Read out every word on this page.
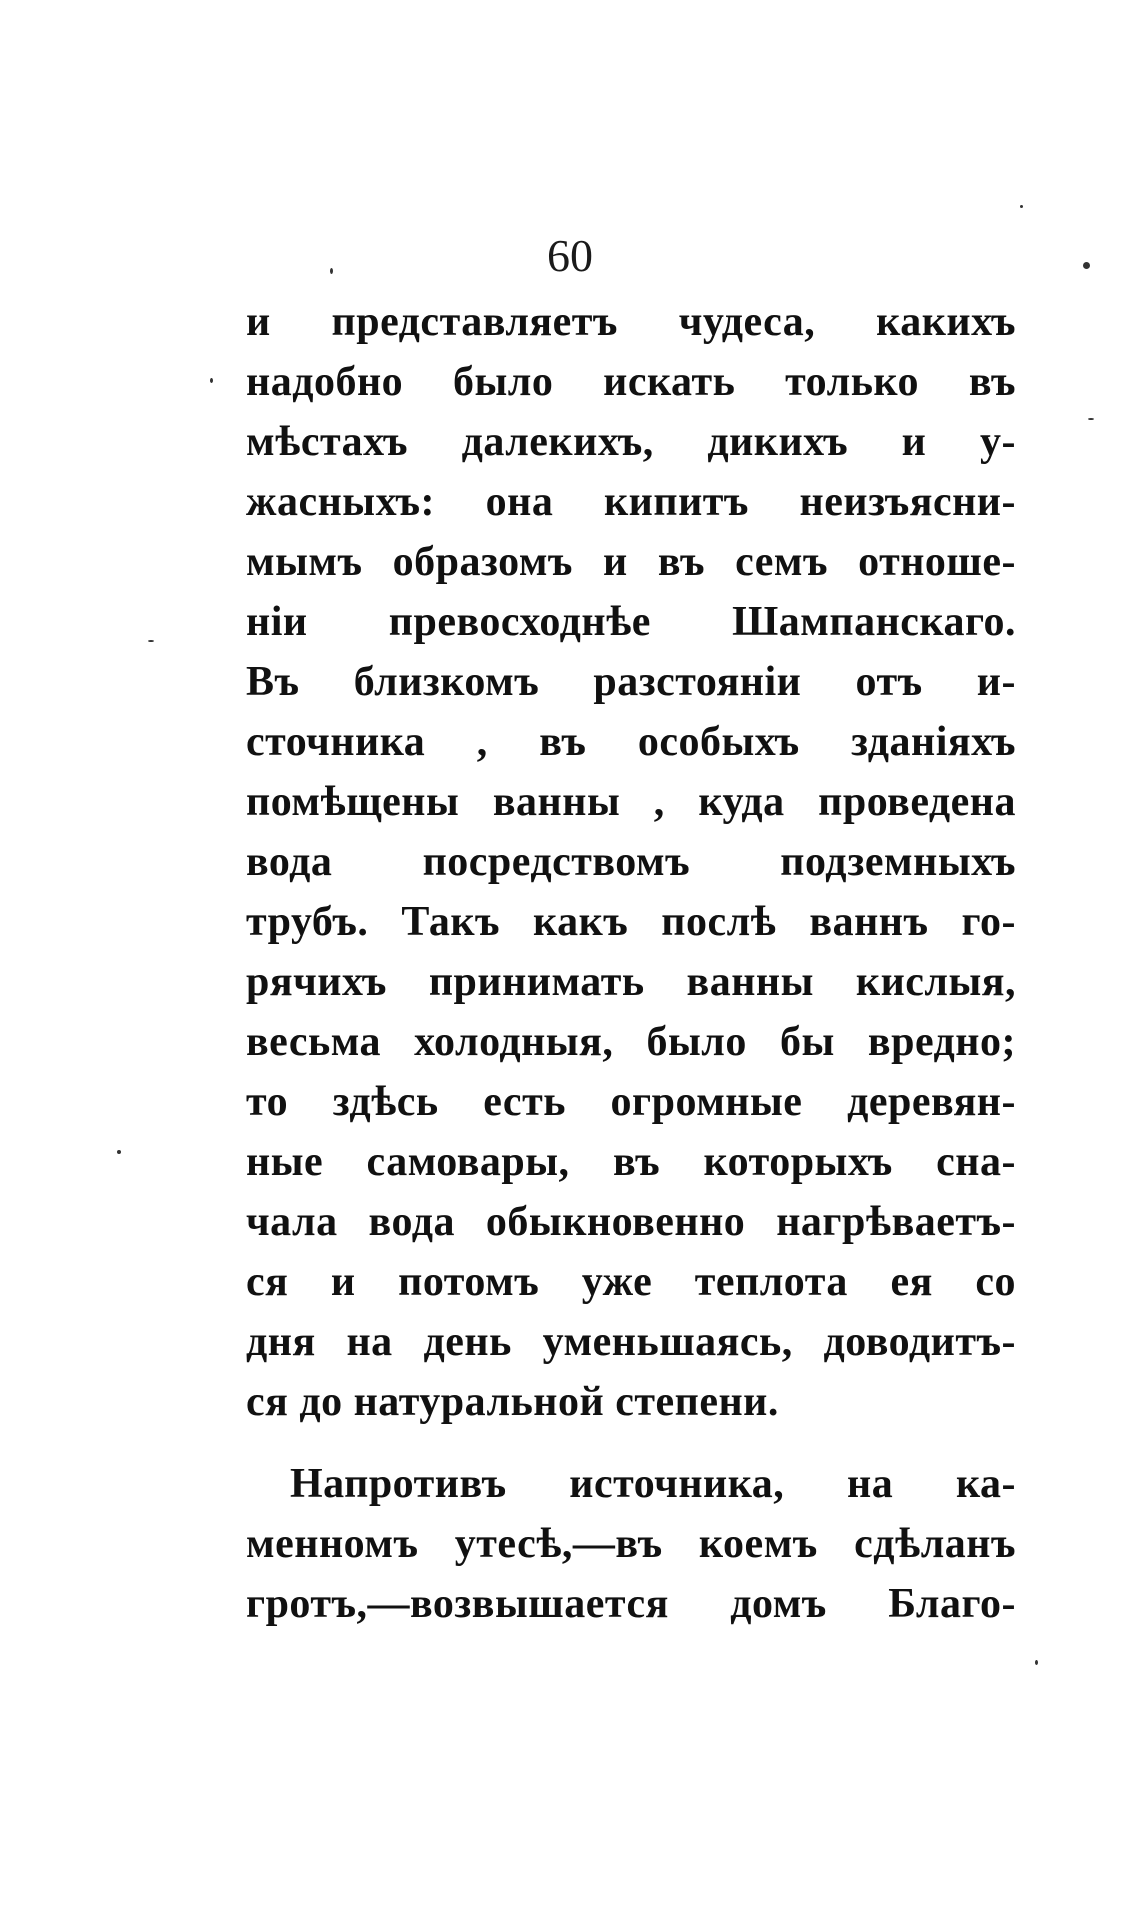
60
и представляетъ чудеса, какихъ
надобно было искать только въ
мѣстахъ далекихъ, дикихъ и у-
жасныхъ: она кипитъ неизъясни-
мымъ образомъ и въ семъ отноше-
ніи превосходнѣе Шампанскаго.
Въ близкомъ разстояніи отъ и-
сточника , въ особыхъ зданіяхъ
помѣщены ванны , куда проведена
вода посредствомъ подземныхъ
трубъ. Такъ какъ послѣ ваннъ го-
рячихъ принимать ванны кислыя,
весьма холодныя, было бы вредно;
то здѣсь есть огромные деревян-
ные самовары, въ которыхъ сна-
чала вода обыкновенно нагрѣваетъ-
ся и потомъ уже теплота ея со
дня на день уменьшаясь, доводитъ-
ся до натуральной степени.
Напротивъ источника, на ка-
менномъ утесѣ,—въ коемъ сдѣланъ
гротъ,—возвышается домъ Благо-
